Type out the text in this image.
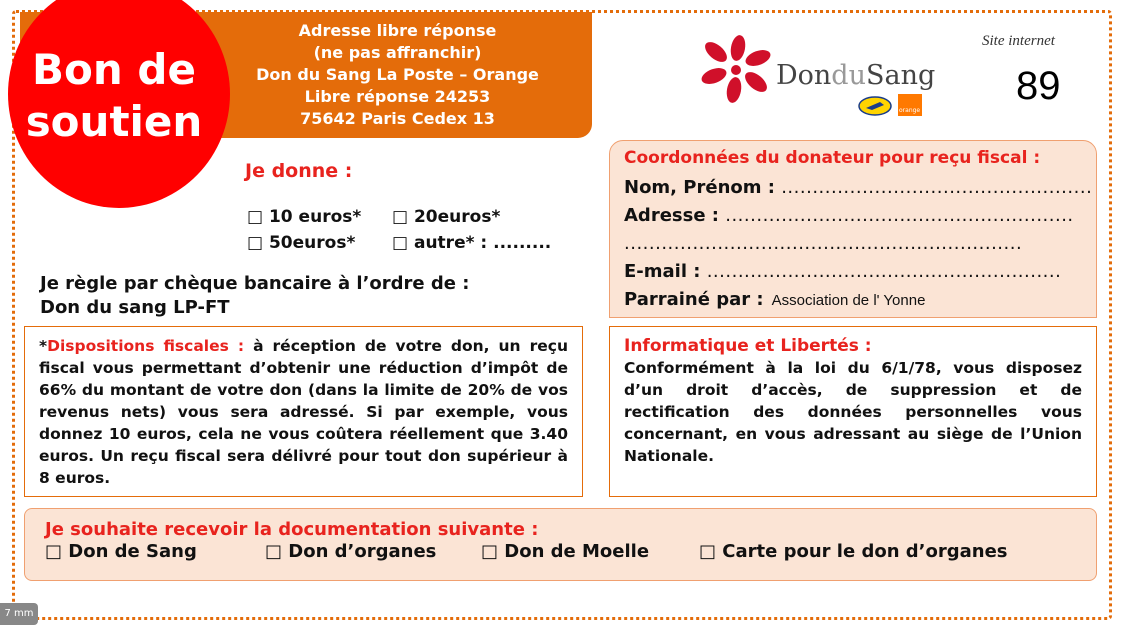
Adresse libre réponse
(ne pas affranchir)
Don du Sang La Poste – Orange
Libre réponse 24253
75642 Paris Cedex 13
Bon de
soutien
Je donne :
□ 10 euros* □ 20euros*
□ 50euros* □ autre* : .........
Je règle par chèque bancaire à l’ordre de :
Don du sang LP-FT
DonduSang
orange
Site internet
89
Coordonnées du donateur pour reçu fiscal :
Nom, Prénom : ..................................................
Adresse : ........................................................
................................................................
E-mail : .........................................................
Parrainé par : Association de l' Yonne
*Dispositions fiscales : à réception de votre don, un reçu fiscal vous permettant d’obtenir une réduction d’impôt de 66% du montant de votre don (dans la limite de 20% de vos revenus nets) vous sera adressé. Si par exemple, vous donnez 10 euros, cela ne vous coûtera réellement que 3.40 euros. Un reçu fiscal sera délivré pour tout don supérieur à 8 euros.
Informatique et Libertés :
Conformément à la loi du 6/1/78, vous disposez d’un droit d’accès, de suppression et de rectification des données personnelles vous concernant, en vous adressant au siège de l’Union Nationale.
Je souhaite recevoir la documentation suivante :
□ Don de Sang	□ Don d’organes □ Don de Moelle	□ Carte pour le don d’organes
7 mm
